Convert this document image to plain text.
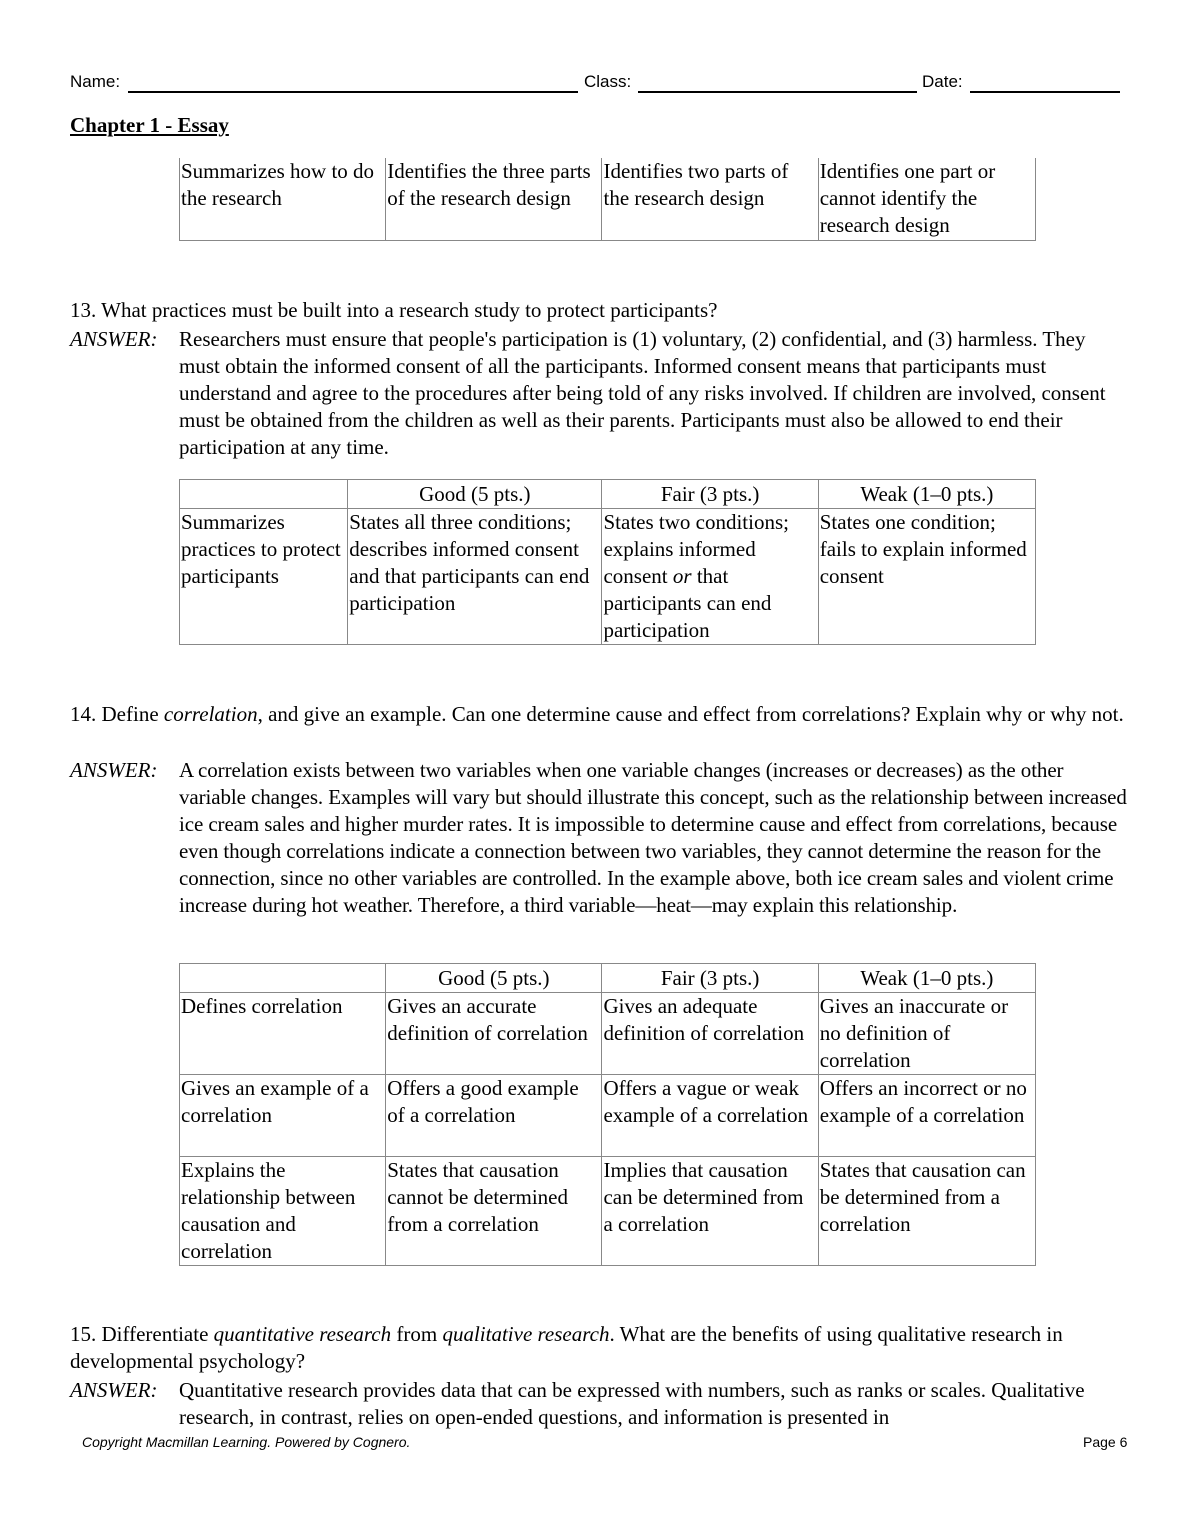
Name:	Class:	Date:
Chapter 1 - Essay
Summarizes how to do the research	Identifies the three parts of the research design	Identifies two parts of the research design	Identifies one part or cannot identify the research design
13. What practices must be built into a research study to protect participants?
ANSWER: Researchers must ensure that people's participation is (1) voluntary, (2) confidential, and (3) harmless. They must obtain the informed consent of all the participants. Informed consent means that participants must understand and agree to the procedures after being told of any risks involved. If children are involved, consent must be obtained from the children as well as their parents. Participants must also be allowed to end their participation at any time.
	Good (5 pts.)	Fair (3 pts.)	Weak (1–0 pts.)
Summarizes practices to protect participants	States all three conditions; describes informed consent and that participants can end participation	States two conditions; explains informed consent or that participants can end participation	States one condition; fails to explain informed consent
14. Define correlation, and give an example. Can one determine cause and effect from correlations? Explain why or why not.
ANSWER: A correlation exists between two variables when one variable changes (increases or decreases) as the other variable changes. Examples will vary but should illustrate this concept, such as the relationship between increased ice cream sales and higher murder rates. It is impossible to determine cause and effect from correlations, because even though correlations indicate a connection between two variables, they cannot determine the reason for the connection, since no other variables are controlled. In the example above, both ice cream sales and violent crime increase during hot weather. Therefore, a third variable—heat—may explain this relationship.
	Good (5 pts.)	Fair (3 pts.)	Weak (1–0 pts.)
Defines correlation	Gives an accurate definition of correlation	Gives an adequate definition of correlation	Gives an inaccurate or no definition of correlation
Gives an example of a correlation	Offers a good example of a correlation	Offers a vague or weak example of a correlation	Offers an incorrect or no example of a correlation
Explains the relationship between causation and correlation	States that causation cannot be determined from a correlation	Implies that causation can be determined from a correlation	States that causation can be determined from a correlation
15. Differentiate quantitative research from qualitative research. What are the benefits of using qualitative research in developmental psychology?
ANSWER: Quantitative research provides data that can be expressed with numbers, such as ranks or scales. Qualitative research, in contrast, relies on open-ended questions, and information is presented in
Copyright Macmillan Learning. Powered by Cognero.	Page 6
